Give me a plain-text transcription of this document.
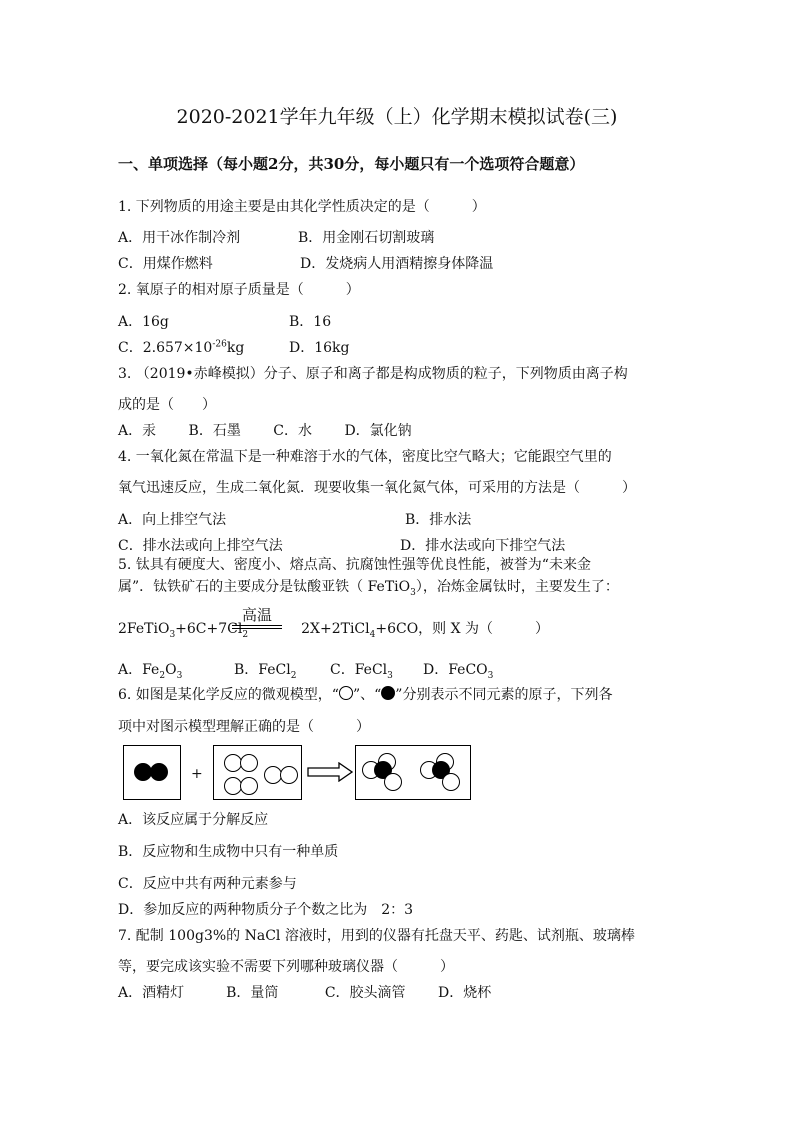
2020-2021学年九年级（上）化学期末模拟试卷(三)
一、单项选择（每小题2分，共30分，每小题只有一个选项符合题意）
1. 下列物质的用途主要是由其化学性质决定的是（　　　）
A．用干冰作制冷剂	B．用金刚石切割玻璃
C．用煤作燃料	D．发烧病人用酒精擦身体降温
2. 氧原子的相对原子质量是（　　　）
A．16g	B．16
C．$2.657\times 10^{-26}kg$	D．16kg
3. （2019•赤峰模拟）分子、原子和离子都是构成物质的粒子，下列物质由离子构
成的是（　　）
A．汞　　 B．石墨　　 C．水　　 D．氯化钠
4. 一氧化氮在常温下是一种难溶于水的气体，密度比空气略大；它能跟空气里的
氧气迅速反应，生成二氧化氮．现要收集一氧化氮气体，可采用的方法是（　　　）
A．向上排空气法	B．排水法
C．排水法或向上排空气法	D．排水法或向下排空气法
5. 钛具有硬度大、密度小、熔点高、抗腐蚀性强等优良性能，被誉为“未来金
属”．钛铁矿石的主要成分是钛酸亚铁（ FeTiO$_3$），冶炼金属钛时，主要发生了：
$2FeTiO_3+6C+7Cl_2$	2X+2TiCl$_4$+6CO，则 X 为（　　　）
高温
A．$Fe_2O_3$	B．FeCl$_2$ C．FeCl$_3$ D．FeCO$_3$
6. 如图是某化学反应的微观模型，“ ”、“ ”分别表示不同元素的原子，下列各
项中对图示模型理解正确的是（　　　）
+
A．该反应属于分解反应
B．反应物和生成物中只有一种单质
C．反应中共有两种元素参与
D．参加反应的两种物质分子个数之比为　2：3
7. 配制 100g3%的 NaCl 溶液时，用到的仪器有托盘天平、药匙、试剂瓶、玻璃棒
等，要完成该实验不需要下列哪种玻璃仪器（　　　）
A．酒精灯　　　B．量筒　　　 C．胶头滴管　　 D．烧杯
